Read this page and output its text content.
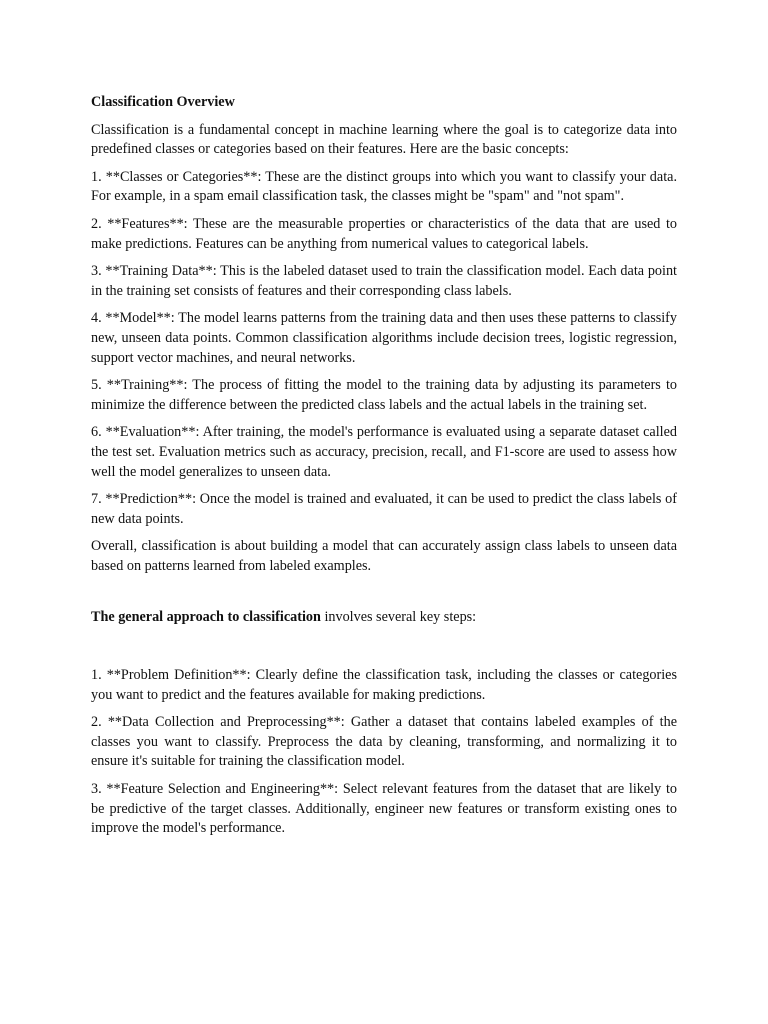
Classification Overview

Classification is a fundamental concept in machine learning where the goal is to categorize data into predefined classes or categories based on their features. Here are the basic concepts:

1. **Classes or Categories**: These are the distinct groups into which you want to classify your data. For example, in a spam email classification task, the classes might be "spam" and "not spam".

2. **Features**: These are the measurable properties or characteristics of the data that are used to make predictions. Features can be anything from numerical values to categorical labels.

3. **Training Data**: This is the labeled dataset used to train the classification model. Each data point in the training set consists of features and their corresponding class labels.

4. **Model**: The model learns patterns from the training data and then uses these patterns to classify new, unseen data points. Common classification algorithms include decision trees, logistic regression, support vector machines, and neural networks.

5. **Training**: The process of fitting the model to the training data by adjusting its parameters to minimize the difference between the predicted class labels and the actual labels in the training set.

6. **Evaluation**: After training, the model's performance is evaluated using a separate dataset called the test set. Evaluation metrics such as accuracy, precision, recall, and F1-score are used to assess how well the model generalizes to unseen data.

7. **Prediction**: Once the model is trained and evaluated, it can be used to predict the class labels of new data points.

Overall, classification is about building a model that can accurately assign class labels to unseen data based on patterns learned from labeled examples.

The general approach to classification involves several key steps:

1. **Problem Definition**: Clearly define the classification task, including the classes or categories you want to predict and the features available for making predictions.

2. **Data Collection and Preprocessing**: Gather a dataset that contains labeled examples of the classes you want to classify. Preprocess the data by cleaning, transforming, and normalizing it to ensure it's suitable for training the classification model.

3. **Feature Selection and Engineering**: Select relevant features from the dataset that are likely to be predictive of the target classes. Additionally, engineer new features or transform existing ones to improve the model's performance.
